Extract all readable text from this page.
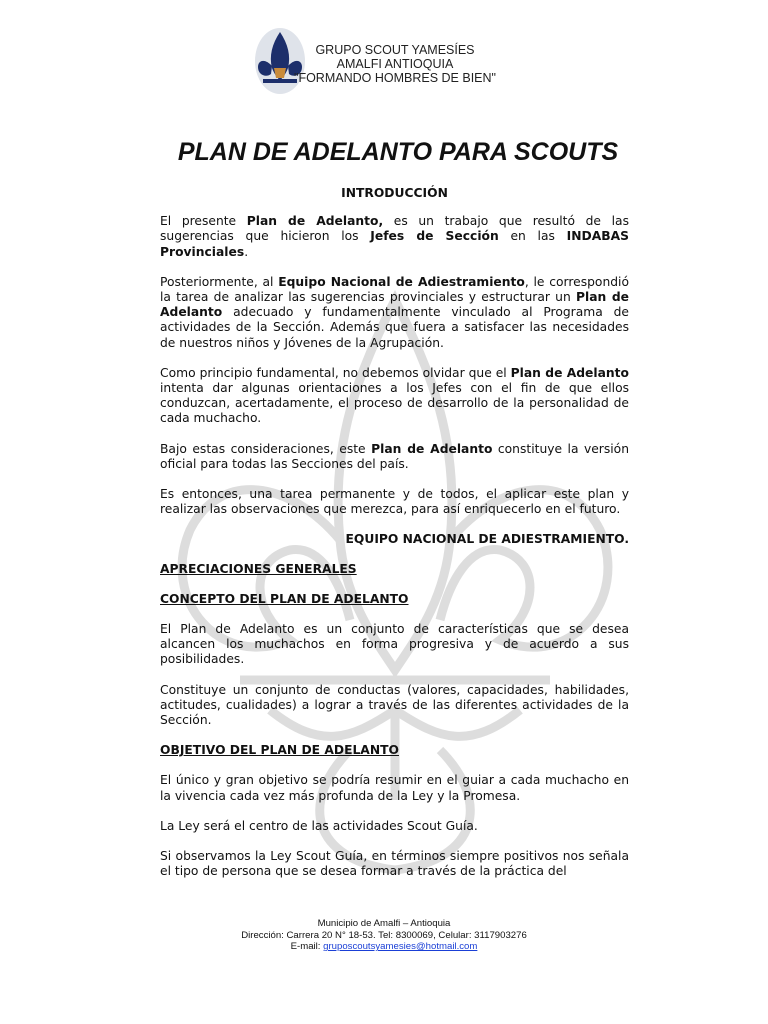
GRUPO SCOUT YAMESÍES
AMALFI ANTIOQUIA
"FORMANDO HOMBRES DE BIEN"
PLAN DE ADELANTO PARA SCOUTS

INTRODUCCIÓN

El presente Plan de Adelanto, es un trabajo que resultó de las sugerencias que hicieron los Jefes de Sección en las INDABAS Provinciales.

Posteriormente, al Equipo Nacional de Adiestramiento, le correspondió la tarea de analizar las sugerencias provinciales y estructurar un Plan de Adelanto adecuado y fundamentalmente vinculado al Programa de actividades de la Sección. Además que fuera a satisfacer las necesidades de nuestros niños y Jóvenes de la Agrupación.

Como principio fundamental, no debemos olvidar que el Plan de Adelanto intenta dar algunas orientaciones a los Jefes con el fin de que ellos conduzcan, acertadamente, el proceso de desarrollo de la personalidad de cada muchacho.

Bajo estas consideraciones, este Plan de Adelanto constituye la versión oficial para todas las Secciones del país.

Es entonces, una tarea permanente y de todos, el aplicar este plan y realizar las observaciones que merezca, para así enriquecerlo en el futuro.

EQUIPO NACIONAL DE ADIESTRAMIENTO.

APRECIACIONES GENERALES

CONCEPTO DEL PLAN DE ADELANTO

El Plan de Adelanto es un conjunto de características que se desea alcancen los muchachos en forma progresiva y de acuerdo a sus posibilidades.

Constituye un conjunto de conductas (valores, capacidades, habilidades, actitudes, cualidades) a lograr a través de las diferentes actividades de la Sección.

OBJETIVO DEL PLAN DE ADELANTO

El único y gran objetivo se podría resumir en el guiar a cada muchacho en la vivencia cada vez más profunda de la Ley y la Promesa.

La Ley será el centro de las actividades Scout Guía.

Si observamos la Ley Scout Guía, en términos siempre positivos nos señala el tipo de persona que se desea formar a través de la práctica del

Municipio de Amalfi – Antioquia
Dirección: Carrera 20 N° 18-53. Tel: 8300069, Celular: 3117903276
E-mail: gruposcoutsyamesies@hotmail.com
